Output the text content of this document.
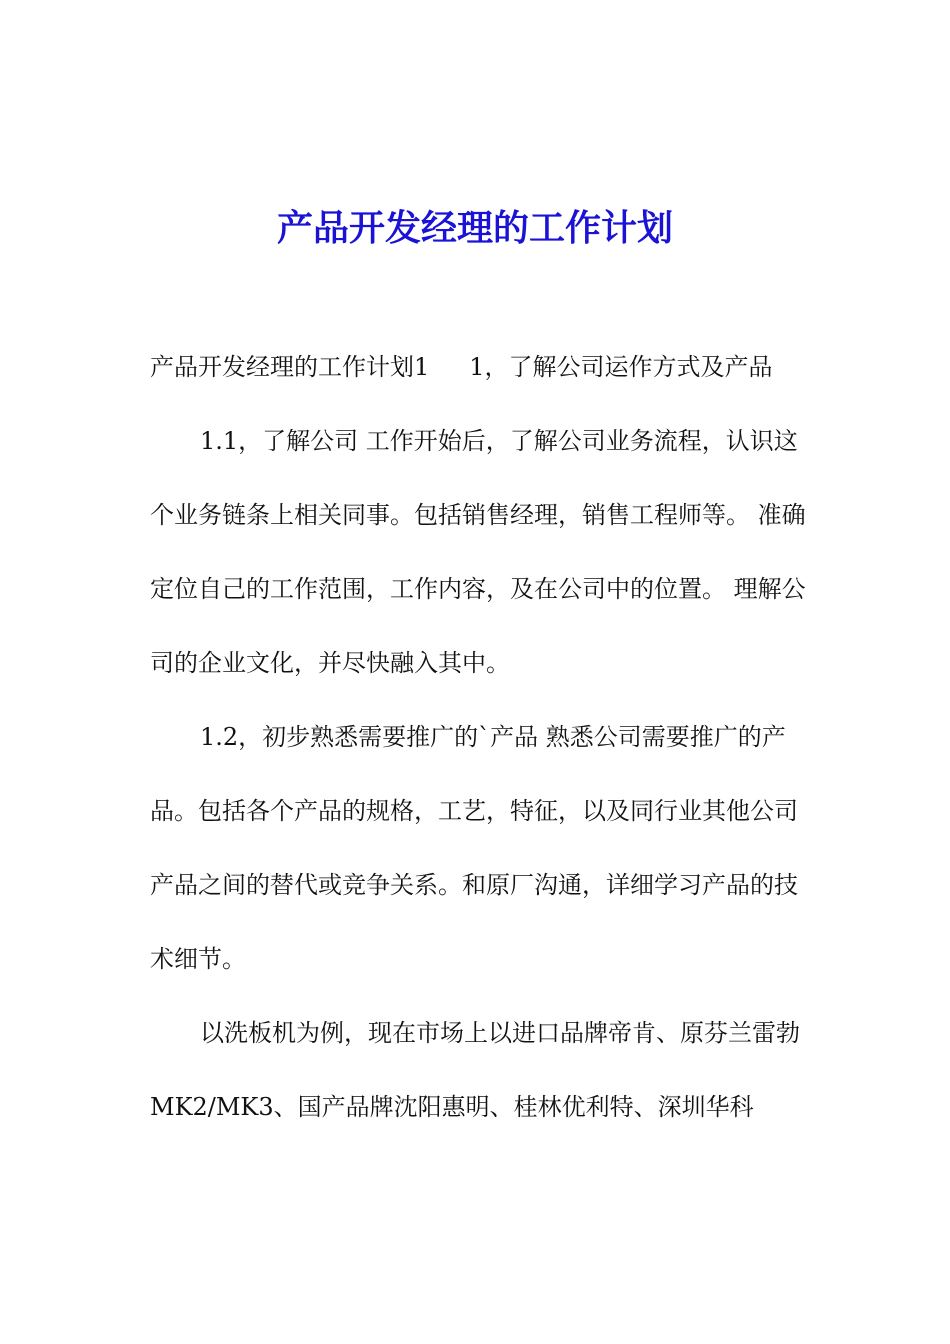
产品开发经理的工作计划

产品开发经理的工作计划1 1，了解公司运作方式及产品

1.1，了解公司 工作开始后，了解公司业务流程，认识这个业务链条上相关同事。包括销售经理，销售工程师等。 准确定位自己的工作范围，工作内容，及在公司中的位置。 理解公司的企业文化，并尽快融入其中。

1.2，初步熟悉需要推广的`产品 熟悉公司需要推广的产品。包括各个产品的规格，工艺，特征，以及同行业其他公司产品之间的替代或竞争关系。和原厂沟通，详细学习产品的技术细节。

以洗板机为例，现在市场上以进口品牌帝肯、原芬兰雷勃MK2/MK3、国产品牌沈阳惠明、桂林优利特、深圳华科
